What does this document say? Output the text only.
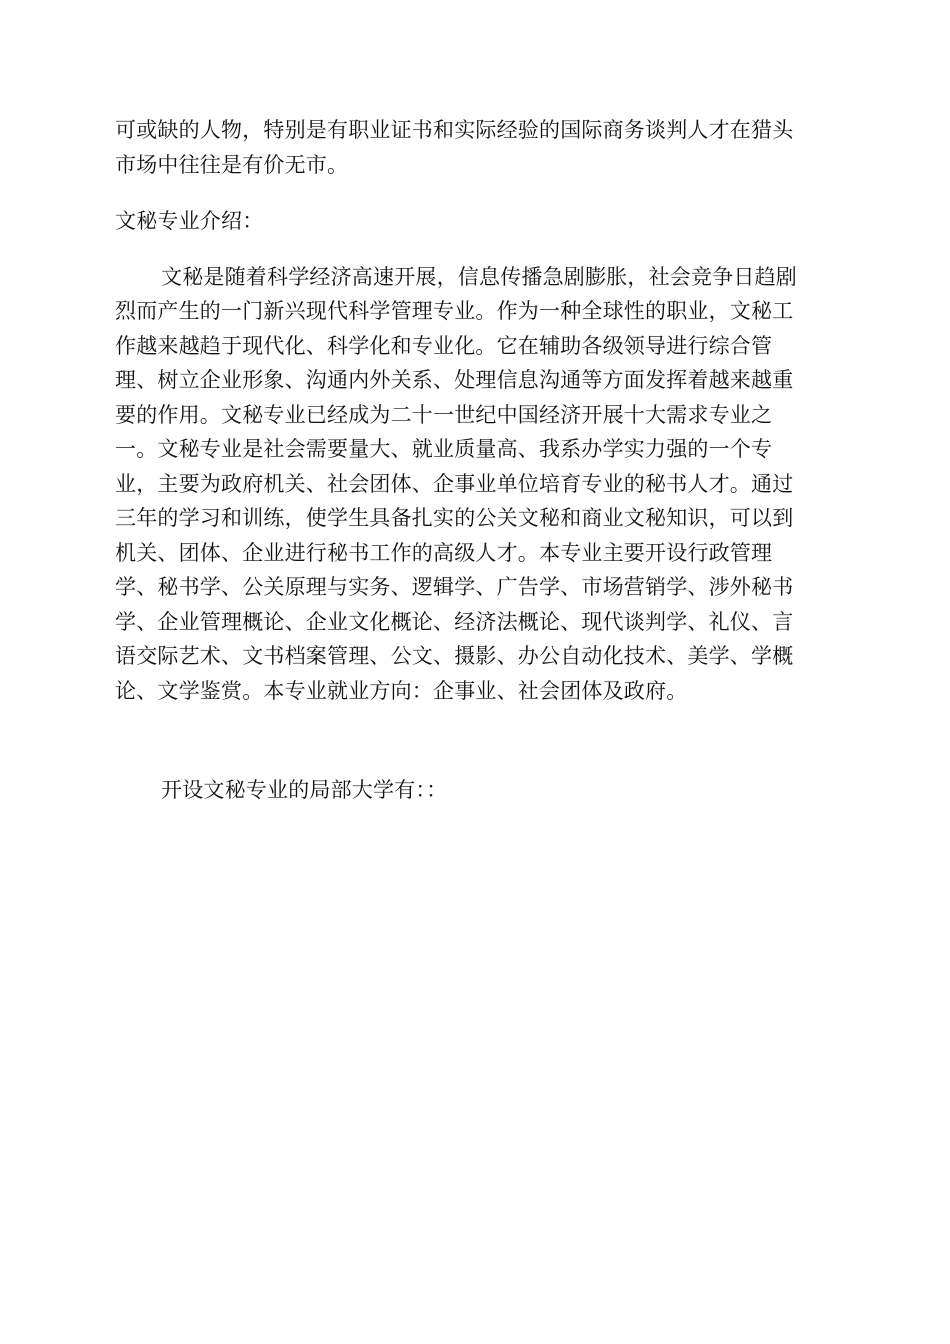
可或缺的人物，特别是有职业证书和实际经验的国际商务谈判人才在猎头
市场中往往是有价无市。
文秘专业介绍：
文秘是随着科学经济高速开展，信息传播急剧膨胀，社会竞争日趋剧
烈而产生的一门新兴现代科学管理专业。作为一种全球性的职业，文秘工
作越来越趋于现代化、科学化和专业化。它在辅助各级领导进行综合管
理、树立企业形象、沟通内外关系、处理信息沟通等方面发挥着越来越重
要的作用。文秘专业已经成为二十一世纪中国经济开展十大需求专业之
一。文秘专业是社会需要量大、就业质量高、我系办学实力强的一个专
业，主要为政府机关、社会团体、企事业单位培育专业的秘书人才。通过
三年的学习和训练，使学生具备扎实的公关文秘和商业文秘知识，可以到
机关、团体、企业进行秘书工作的高级人才。本专业主要开设行政管理
学、秘书学、公关原理与实务、逻辑学、广告学、市场营销学、涉外秘书
学、企业管理概论、企业文化概论、经济法概论、现代谈判学、礼仪、言
语交际艺术、文书档案管理、公文、摄影、办公自动化技术、美学、学概
论、文学鉴赏。本专业就业方向：企事业、社会团体及政府。
开设文秘专业的局部大学有：：
